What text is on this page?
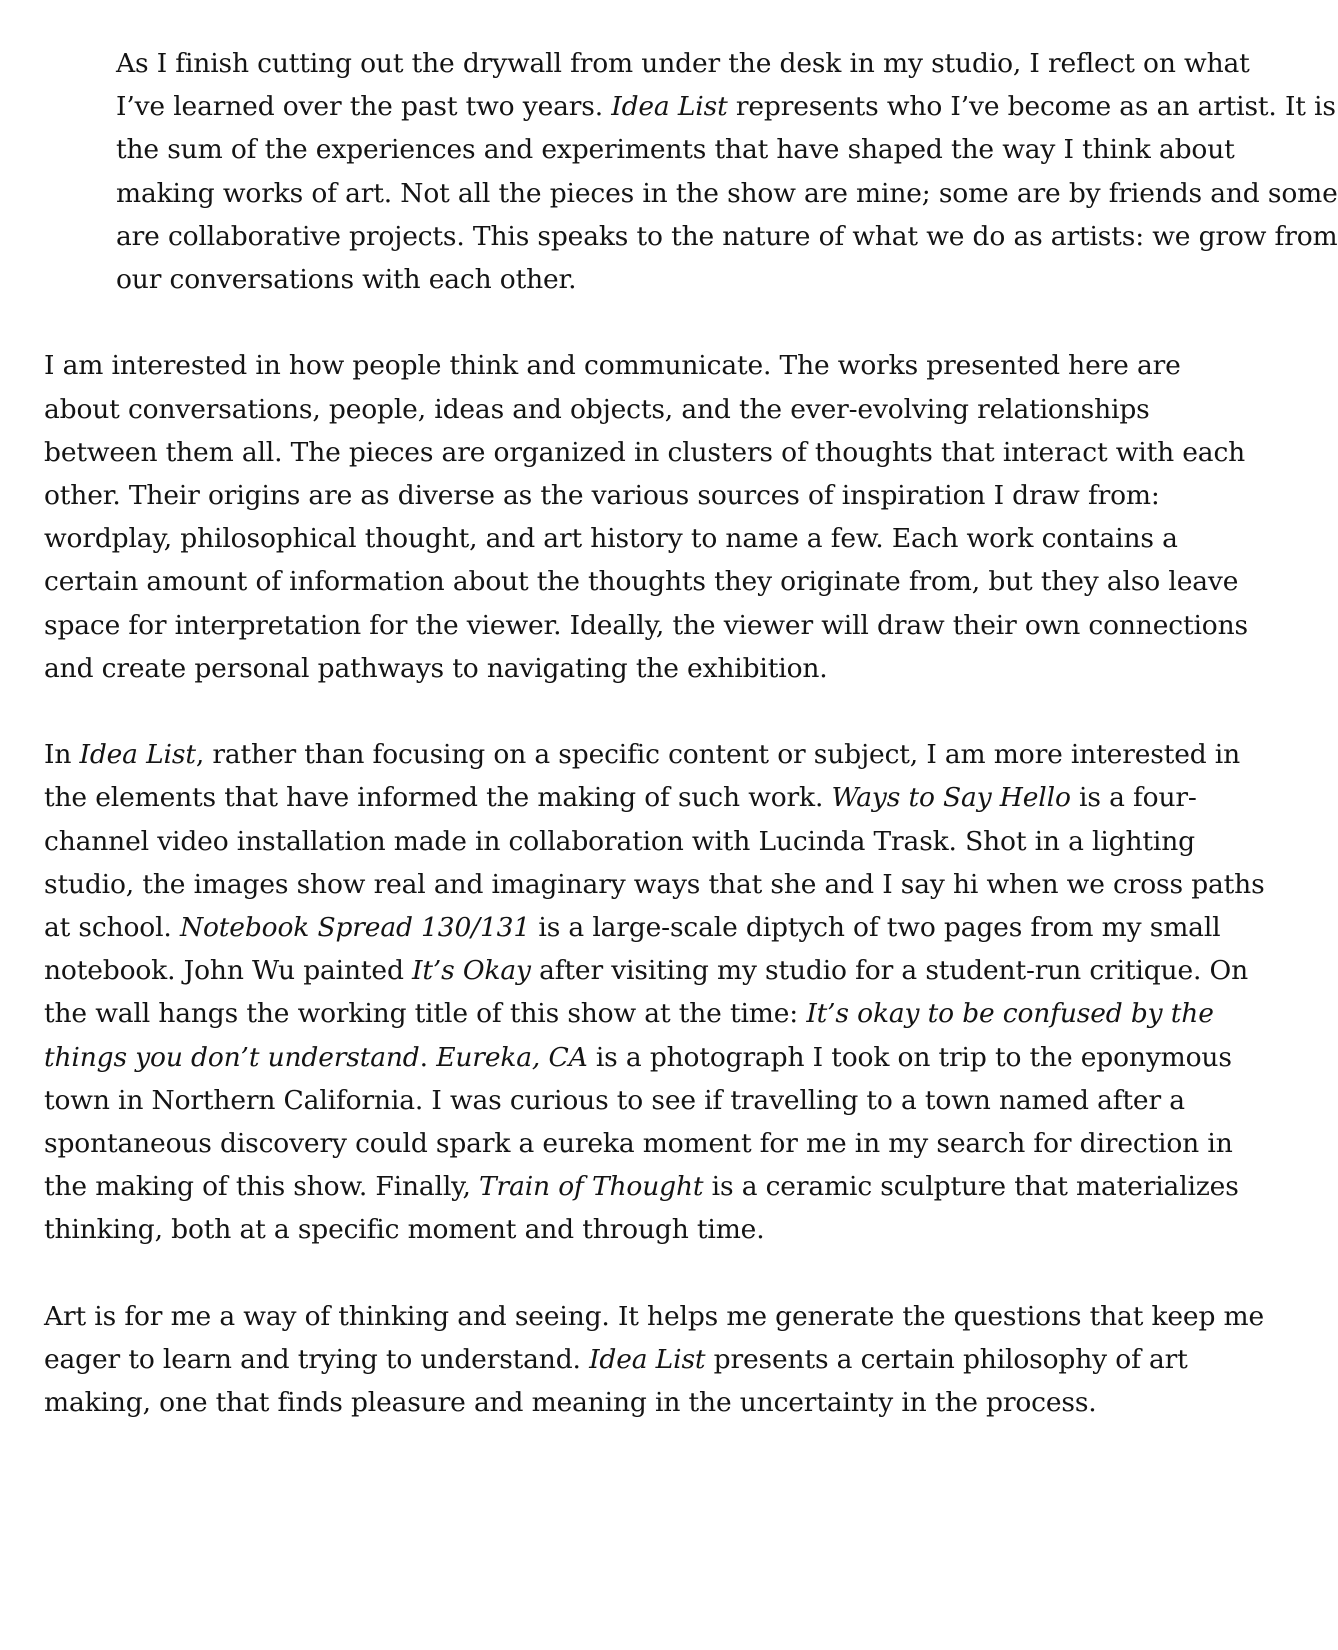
As I finish cutting out the drywall from under the desk in my studio, I reflect on what
I’ve learned over the past two years. Idea List represents who I’ve become as an artist. It is
the sum of the experiences and experiments that have shaped the way I think about
making works of art. Not all the pieces in the show are mine; some are by friends and some
are collaborative projects. This speaks to the nature of what we do as artists: we grow from
our conversations with each other.

I am interested in how people think and communicate. The works presented here are
about conversations, people, ideas and objects, and the ever-evolving relationships
between them all. The pieces are organized in clusters of thoughts that interact with each
other. Their origins are as diverse as the various sources of inspiration I draw from:
wordplay, philosophical thought, and art history to name a few. Each work contains a
certain amount of information about the thoughts they originate from, but they also leave
space for interpretation for the viewer. Ideally, the viewer will draw their own connections
and create personal pathways to navigating the exhibition.

In Idea List, rather than focusing on a specific content or subject, I am more interested in
the elements that have informed the making of such work. Ways to Say Hello is a four-
channel video installation made in collaboration with Lucinda Trask. Shot in a lighting
studio, the images show real and imaginary ways that she and I say hi when we cross paths
at school. Notebook Spread 130/131 is a large-scale diptych of two pages from my small
notebook. John Wu painted It’s Okay after visiting my studio for a student-run critique. On
the wall hangs the working title of this show at the time: It’s okay to be confused by the
things you don’t understand. Eureka, CA is a photograph I took on trip to the eponymous
town in Northern California. I was curious to see if travelling to a town named after a
spontaneous discovery could spark a eureka moment for me in my search for direction in
the making of this show. Finally, Train of Thought is a ceramic sculpture that materializes
thinking, both at a specific moment and through time.

Art is for me a way of thinking and seeing. It helps me generate the questions that keep me
eager to learn and trying to understand. Idea List presents a certain philosophy of art
making, one that finds pleasure and meaning in the uncertainty in the process.
